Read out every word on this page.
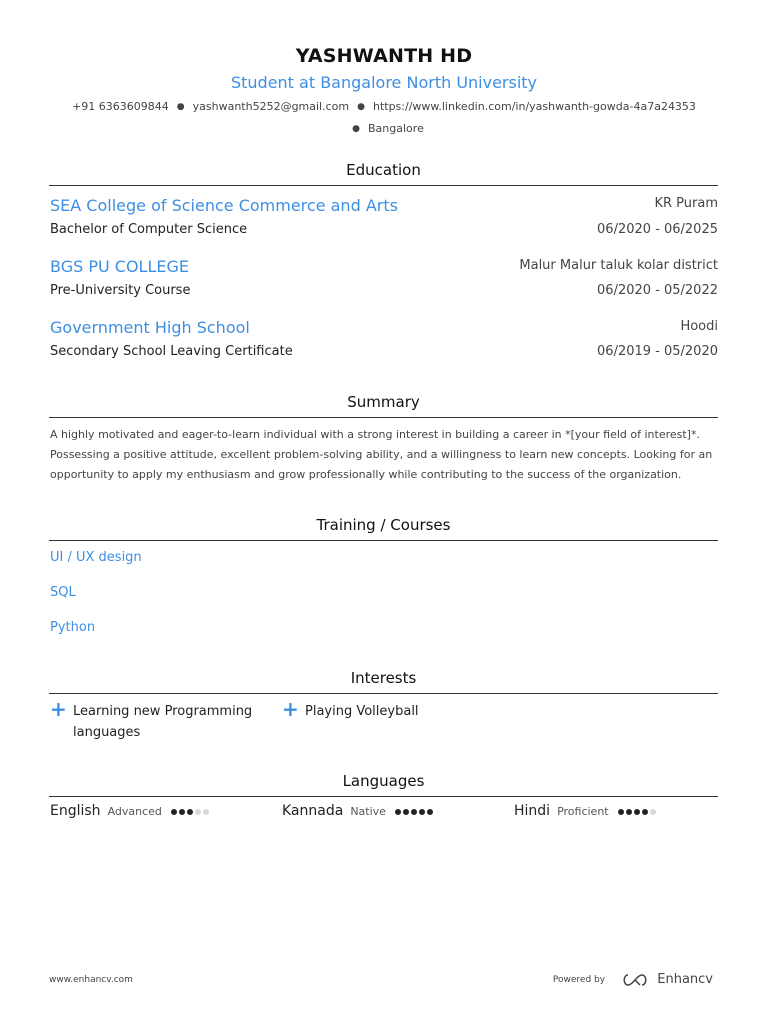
YASHWANTH HD
Student at Bangalore North University
+91 6363609844 ● yashwanth5252@gmail.com ● https://www.linkedin.com/in/yashwanth-gowda-4a7a24353
● Bangalore
Education
SEA College of Science Commerce and Arts	KR Puram
Bachelor of Computer Science	06/2020 - 06/2025
BGS PU COLLEGE	Malur Malur taluk kolar district
Pre-University Course	06/2020 - 05/2022
Government High School	Hoodi
Secondary School Leaving Certificate	06/2019 - 05/2020
Summary
A highly motivated and eager-to-learn individual with a strong interest in building a career in *[your field of interest]*.
Possessing a positive attitude, excellent problem-solving ability, and a willingness to learn new concepts. Looking for an
opportunity to apply my enthusiasm and grow professionally while contributing to the success of the organization.
Training / Courses
UI / UX design
SQL
Python
Interests
+ Learning new Programming
languages
+ Playing Volleyball
Languages
English Advanced	Kannada Native	Hindi Proficient
www.enhancv.com	Powered by	Enhancv
